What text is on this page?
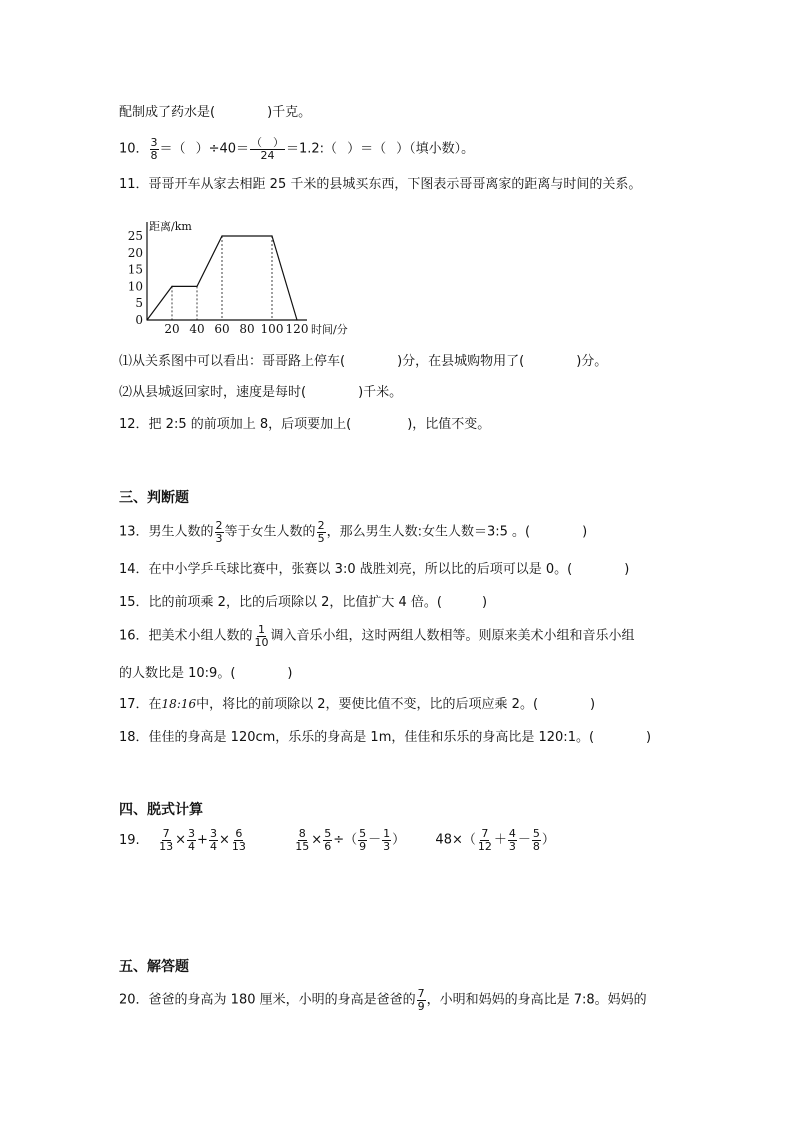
配制成了药水是(	)千克。
10． $\frac{3}{8}$ ＝（ ）$\div 40= \frac{( )}{24}$ ＝1.2:（ ）＝（ ）（填小数）。
11．哥哥开车从家去相距 25 千米的县城买东西，下图表示哥哥离家的距离与时间的关系。
20 40 60 80 100 120
0
5
10
15
20
25
距离/km
时间/分
⑴从关系图中可以看出：哥哥路上停车(	)分，在县城购物用了(	)分。
⑵从县城返回家时，速度是每时(	)千米。
12．把 2:5 的前项加上 8，后项要加上(	)，比值不变。
三、判断题
13．男生人数的 $\frac{2}{3}$ 等于女生人数的 $\frac{2}{5}$ ，那么男生人数:女生人数＝3:5 。(	)
14．在中小学乒乓球比赛中，张赛以 3:0 战胜刘亮，所以比的后项可以是 0。(	)
15．比的前项乘 2，比的后项除以 2，比值扩大 4 倍。(	)
16．把美术小组人数的 $\frac{1}{10}$ 调入音乐小组，这时两组人数相等。则原来美术小组和音乐小组
的人数比是 10:9。(	)
17．在18:16中，将比的前项除以 2，要使比值不变，比的后项应乘 2。(	)
18．佳佳的身高是 120cm，乐乐的身高是 1m，佳佳和乐乐的身高比是 120:1。(	)
四、脱式计算
19. $\frac{7}{13} \times \frac{3}{4} + \frac{3}{4} \times \frac{6}{13}$
	$\frac{8}{15} \times \frac{5}{6}$ ÷（ $\frac{5}{9} - \frac{1}{3}$ ） $48\times( \frac{7}{12} + \frac{4}{3} - \frac{5}{8}$ ）
五、解答题
20．爸爸的身高为 180 厘米，小明的身高是爸爸的 $\frac{7}{9}$ ，小明和妈妈的身高比是 7:8。妈妈的
